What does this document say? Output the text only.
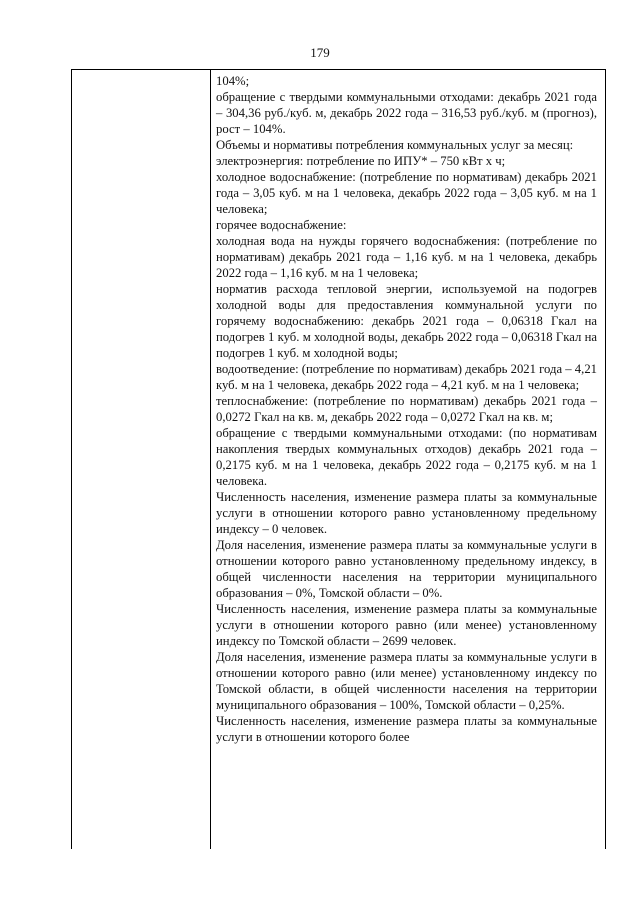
179

104%;

обращение с твердыми коммунальными отходами: декабрь 2021 года – 304,36 руб./куб. м, декабрь 2022 года – 316,53 руб./куб. м (прогноз), рост – 104%.

Объемы и нормативы потребления коммунальных услуг за месяц:

электроэнергия: потребление по ИПУ* – 750 кВт х ч;

холодное водоснабжение: (потребление по нормативам) декабрь 2021 года – 3,05 куб. м на 1 человека, декабрь 2022 года – 3,05 куб. м на 1 человека;

горячее водоснабжение:

холодная вода на нужды горячего водоснабжения: (потребление по нормативам) декабрь 2021 года – 1,16 куб. м на 1 человека, декабрь 2022 года – 1,16 куб. м на 1 человека;

норматив расхода тепловой энергии, используемой на подогрев холодной воды для предоставления коммунальной услуги по горячему водоснабжению: декабрь 2021 года – 0,06318 Гкал на подогрев 1 куб. м холодной воды, декабрь 2022 года – 0,06318 Гкал на подогрев 1 куб. м холодной воды;

водоотведение: (потребление по нормативам) декабрь 2021 года – 4,21 куб. м на 1 человека, декабрь 2022 года – 4,21 куб. м на 1 человека;

теплоснабжение: (потребление по нормативам) декабрь 2021 года – 0,0272 Гкал на кв. м, декабрь 2022 года – 0,0272 Гкал на кв. м;

обращение с твердыми коммунальными отходами: (по нормативам накопления твердых коммунальных отходов) декабрь 2021 года – 0,2175 куб. м на 1 человека, декабрь 2022 года – 0,2175 куб. м на 1 человека.

Численность населения, изменение размера платы за коммунальные услуги в отношении которого равно установленному предельному индексу – 0 человек.

Доля населения, изменение размера платы за коммунальные услуги в отношении которого равно установленному предельному индексу, в общей численности населения на территории муниципального образования – 0%, Томской области – 0%.

Численность населения, изменение размера платы за коммунальные услуги в отношении которого равно (или менее) установленному индексу по Томской области – 2699 человек.

Доля населения, изменение размера платы за коммунальные услуги в отношении которого равно (или менее) установленному индексу по Томской области, в общей численности населения на территории муниципального образования – 100%, Томской области – 0,25%.

Численность населения, изменение размера платы за коммунальные услуги в отношении которого более
